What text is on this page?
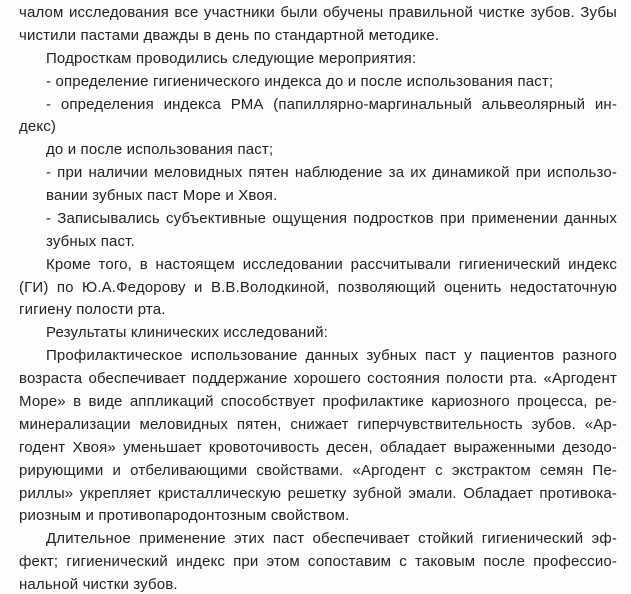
чалом исследования все участники были обучены правильной чистке зубов. Зубы
чистили пастами дважды в день по стандартной методике.
Подросткам проводились следующие мероприятия:
- определение гигиенического индекса до и после использования паст;
- определения индекса РМА (папиллярно-маргинальный альвеолярный ин-
декс)
до и после использования паст;
- при наличии меловидных пятен наблюдение за их динамикой при использо-
вании зубных паст Море и Хвоя.
- Записывались субъективные ощущения подростков при применении данных
зубных паст.
Кроме того, в настоящем исследовании рассчитывали гигиенический индекс
(ГИ) по Ю.А.Федорову и В.В.Володкиной, позволяющий оценить недостаточную
гигиену полости рта.
Результаты клинических исследований:
Профилактическое использование данных зубных паст у пациентов разного
возраста обеспечивает поддержание хорошего состояния полости рта. «Аргодент
Море» в виде аппликаций способствует профилактике кариозного процесса, ре-
минерализации меловидных пятен, снижает гиперчувствительность зубов. «Ар-
годент Хвоя» уменьшает кровоточивость десен, обладает выраженными дезодо-
рирующими и отбеливающими свойствами. «Аргодент с экстрактом семян Пе-
риллы» укрепляет кристаллическую решетку зубной эмали. Обладает противока-
риозным и противопародонтозным свойством.
Длительное применение этих паст обеспечивает стойкий гигиенический эф-
фект; гигиенический индекс при этом сопоставим с таковым после профессио-
нальной чистки зубов.
